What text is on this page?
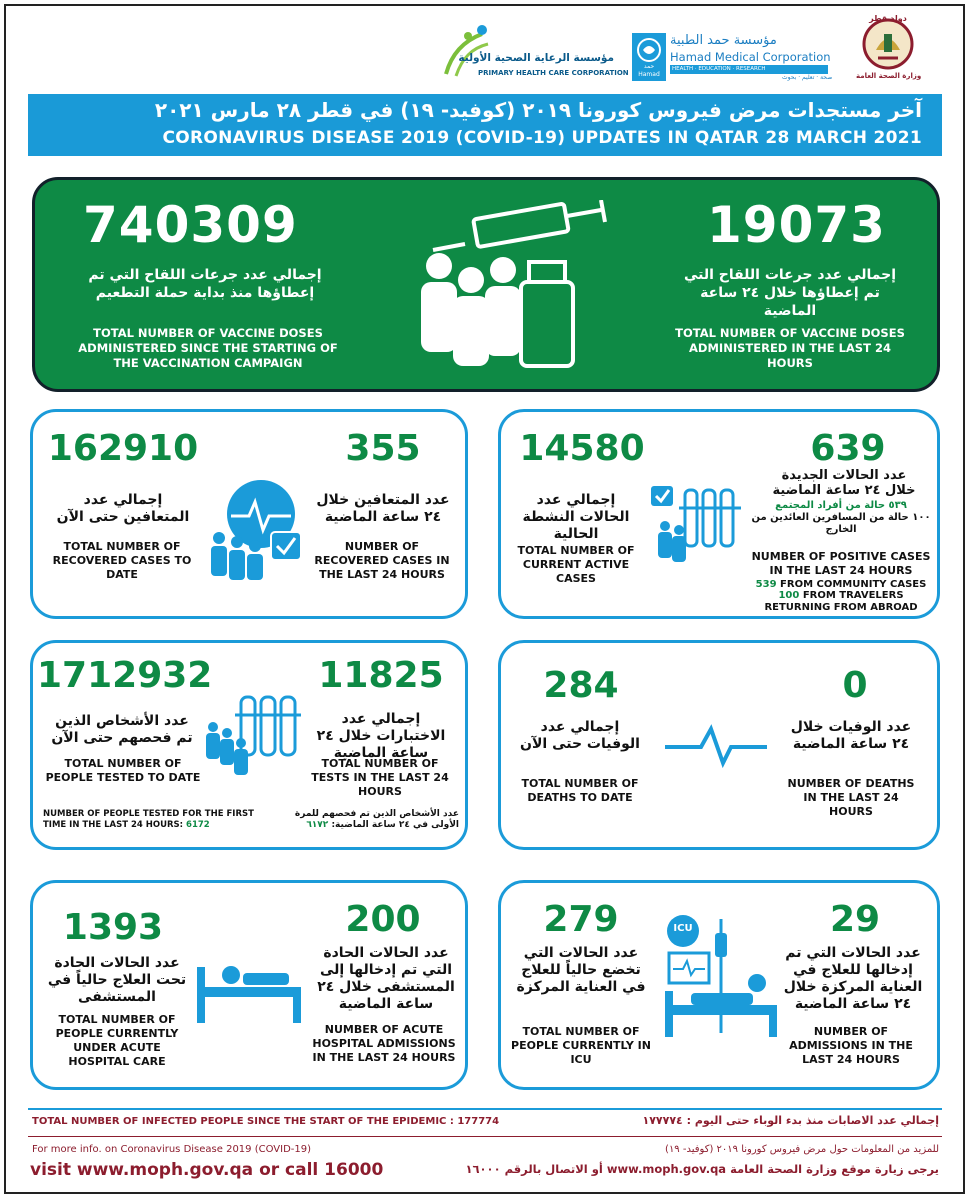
مؤسسة الرعاية الصحية الأولية
PRIMARY HEALTH CARE CORPORATION
حمد
Hamad
مؤسسة حمد الطبية
Hamad Medical Corporation
HEALTH · EDUCATION · RESEARCH
صحة · تعليم · بحوث
دولة قطر
وزارة الصحة العامة
آخر مستجدات مرض فيروس كورونا ٢٠١٩ (كوفيد- ١٩) في قطر ٢٨ مارس ٢٠٢١
CORONAVIRUS DISEASE 2019 (COVID-19) UPDATES IN QATAR 28 MARCH 2021
740309
إجمالي عدد جرعات اللقاح التي تم إعطاؤها منذ بداية حملة التطعيم
TOTAL NUMBER OF VACCINE DOSES ADMINISTERED SINCE THE STARTING OF THE VACCINATION CAMPAIGN
19073
إجمالي عدد جرعات اللقاح التي تم إعطاؤها خلال ٢٤ ساعة الماضية
TOTAL NUMBER OF VACCINE DOSES ADMINISTERED IN THE LAST 24 HOURS
162910
إجمالي عدد المتعافين حتى الآن
TOTAL NUMBER OF RECOVERED CASES TO DATE
355
عدد المتعافين خلال ٢٤ ساعة الماضية
NUMBER OF RECOVERED CASES IN THE LAST 24 HOURS
14580
إجمالي عدد الحالات النشطة الحالية
TOTAL NUMBER OF CURRENT ACTIVE CASES
639
عدد الحالات الجديدة خلال ٢٤ ساعة الماضية
٥٣٩ حالة من أفراد المجتمع
١٠٠ حالة من المسافرين العائدين من الخارج
NUMBER OF POSITIVE CASES IN THE LAST 24 HOURS
539 FROM COMMUNITY CASES
100 FROM TRAVELERS RETURNING FROM ABROAD
1712932
عدد الأشخاص الذين تم فحصهم حتى الآن
TOTAL NUMBER OF PEOPLE TESTED TO DATE
11825
إجمالي عدد الاختبارات خلال ٢٤ ساعة الماضية
TOTAL NUMBER OF TESTS IN THE LAST 24 HOURS
NUMBER OF PEOPLE TESTED FOR THE FIRST TIME IN THE LAST 24 HOURS: 6172
عدد الأشخاص الذين تم فحصهم للمرة الأولى في ٢٤ ساعة الماضية: ٦١٧٢
284
إجمالي عدد الوفيات حتى الآن
TOTAL NUMBER OF DEATHS TO DATE
0
عدد الوفيات خلال ٢٤ ساعة الماضية
NUMBER OF DEATHS IN THE LAST 24 HOURS
1393
عدد الحالات الحادة تحت العلاج حالياً في المستشفى
TOTAL NUMBER OF PEOPLE CURRENTLY UNDER ACUTE HOSPITAL CARE
200
عدد الحالات الحادة التي تم إدخالها إلى المستشفى خلال ٢٤ ساعة الماضية
NUMBER OF ACUTE HOSPITAL ADMISSIONS IN THE LAST 24 HOURS
279
عدد الحالات التي تخضع حالياً للعلاج في العناية المركزة
TOTAL NUMBER OF PEOPLE CURRENTLY IN ICU
29
عدد الحالات التي تم إدخالها للعلاج في العناية المركزة خلال ٢٤ ساعة الماضية
NUMBER OF ADMISSIONS IN THE LAST 24 HOURS
ICU
TOTAL NUMBER OF INFECTED PEOPLE SINCE THE START OF THE EPIDEMIC : 177774	إجمالي عدد الاصابات منذ بدء الوباء حتى اليوم : ١٧٧٧٧٤
For more info. on Coronavirus Disease 2019 (COVID-19)
visit www.moph.gov.qa or call 16000
للمزيد من المعلومات حول مرض فيروس كورونا ٢٠١٩ (كوفيد- ١٩)
يرجى زيارة موقع وزارة الصحة العامة www.moph.gov.qa أو الاتصال بالرقم ١٦٠٠٠
